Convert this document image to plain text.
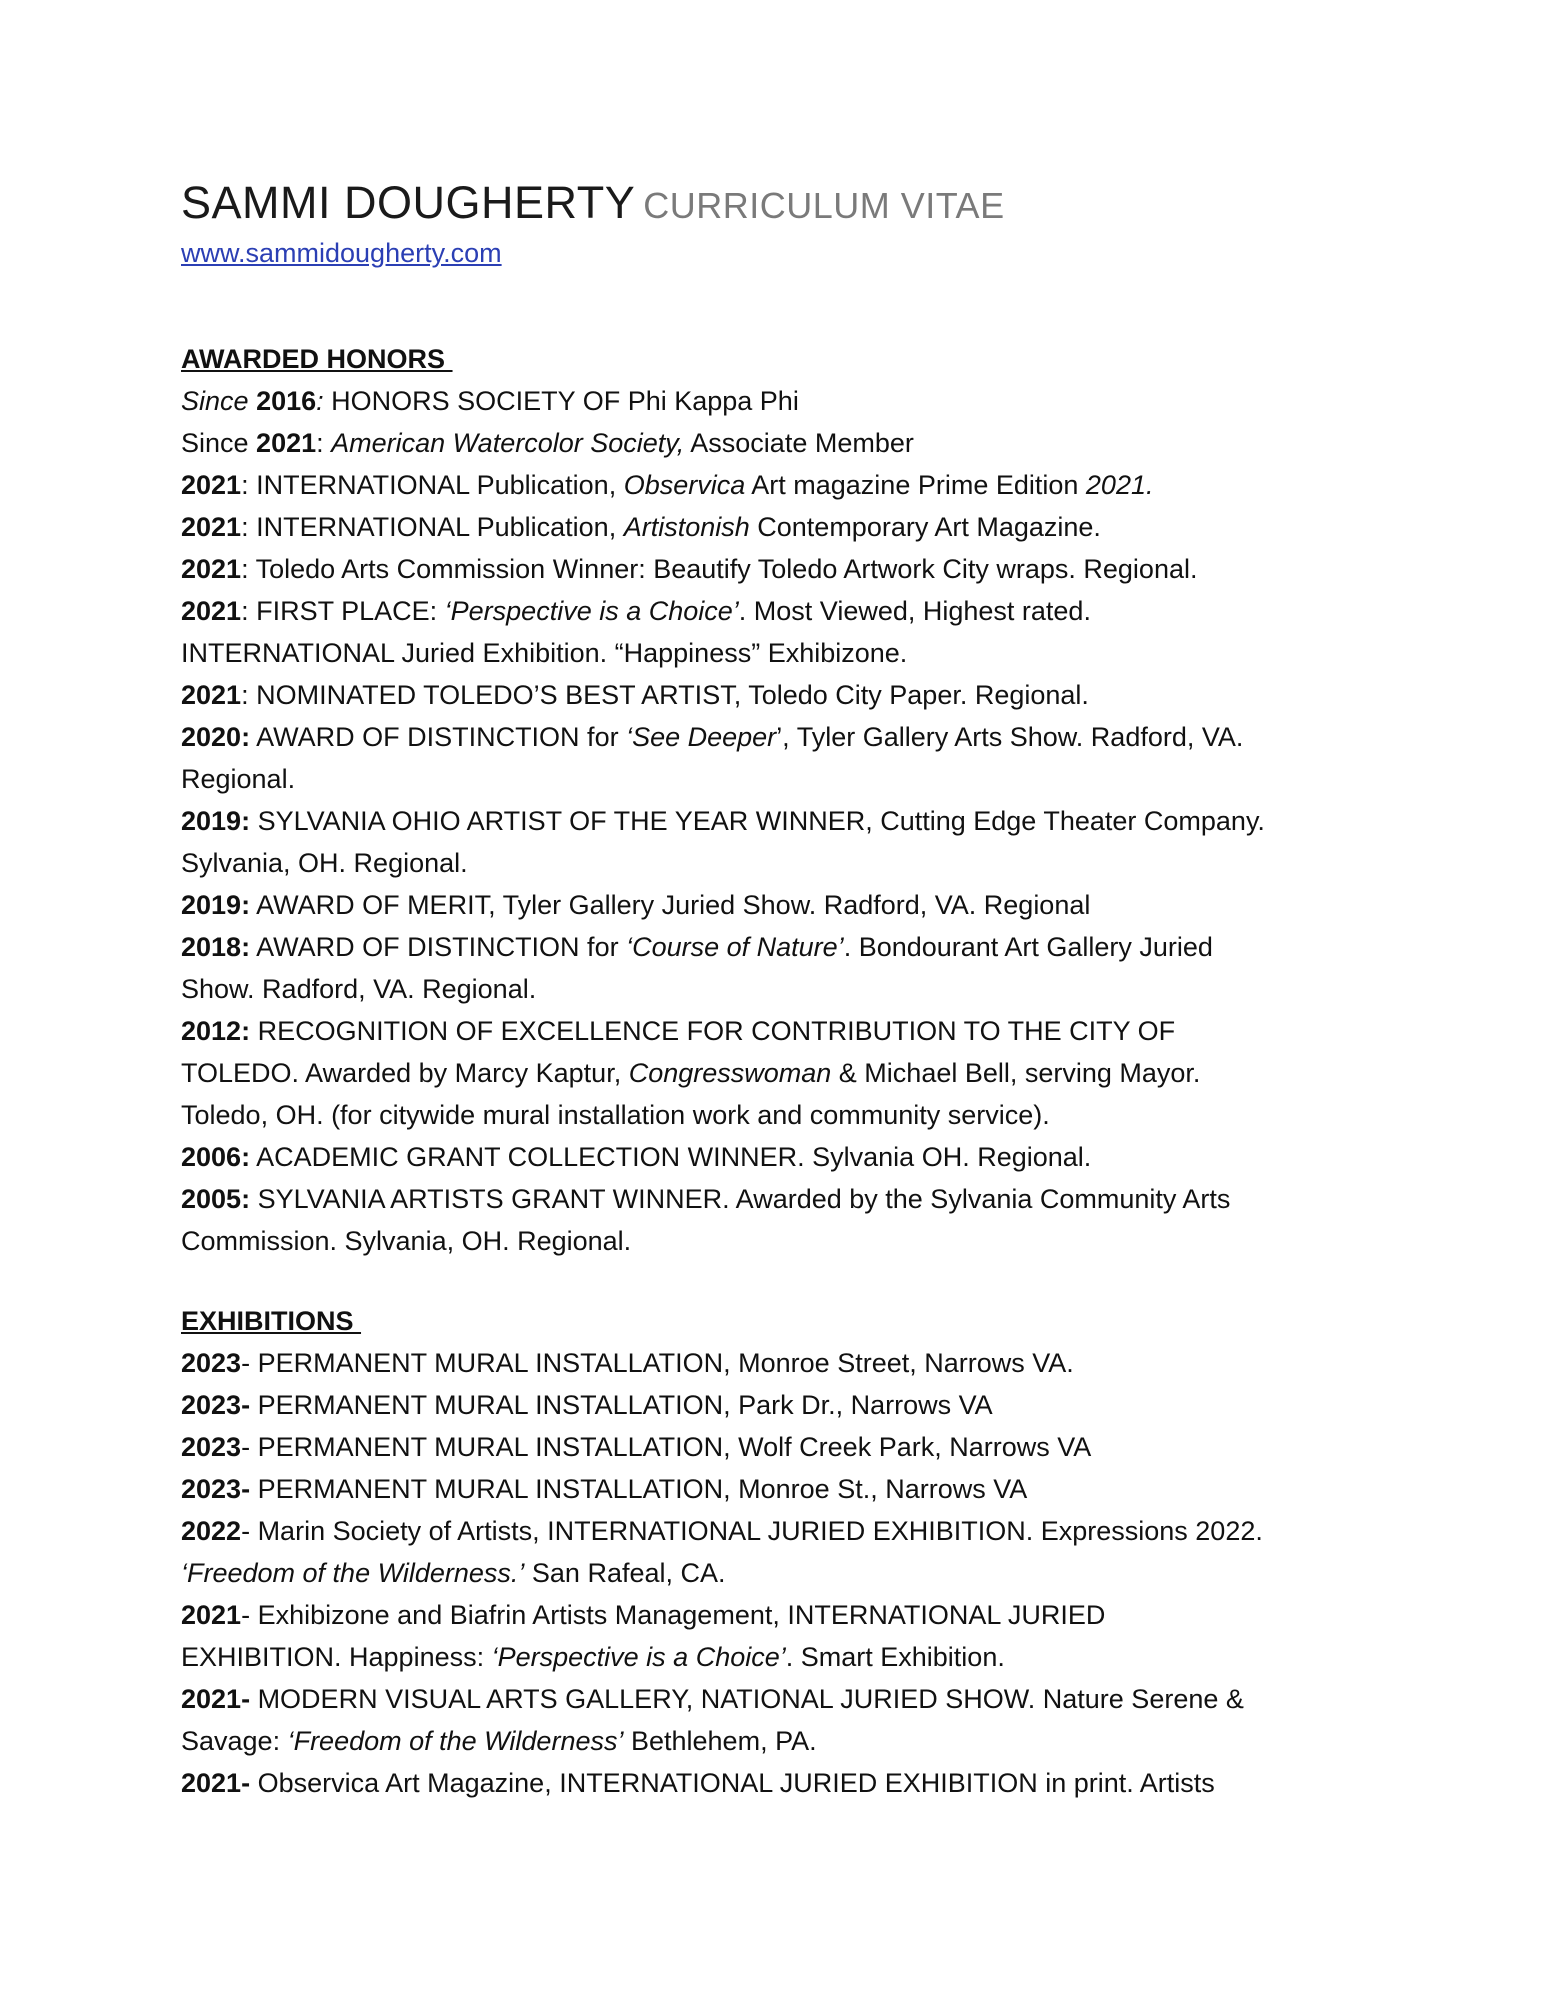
SAMMI DOUGHERTY CURRICULUM VITAE
www.sammidougherty.com
AWARDED HONORS
Since 2016: HONORS SOCIETY OF Phi Kappa Phi
Since 2021: American Watercolor Society, Associate Member
2021: INTERNATIONAL Publication, Observica Art magazine Prime Edition 2021.
2021: INTERNATIONAL Publication, Artistonish Contemporary Art Magazine.
2021: Toledo Arts Commission Winner: Beautify Toledo Artwork City wraps. Regional.
2021: FIRST PLACE: ‘Perspective is a Choice’. Most Viewed, Highest rated.
INTERNATIONAL Juried Exhibition. “Happiness” Exhibizone.
2021: NOMINATED TOLEDO’S BEST ARTIST, Toledo City Paper. Regional.
2020: AWARD OF DISTINCTION for ‘See Deeper’, Tyler Gallery Arts Show. Radford, VA.
Regional.
2019: SYLVANIA OHIO ARTIST OF THE YEAR WINNER, Cutting Edge Theater Company.
Sylvania, OH. Regional.
2019: AWARD OF MERIT, Tyler Gallery Juried Show. Radford, VA. Regional
2018: AWARD OF DISTINCTION for ‘Course of Nature’. Bondourant Art Gallery Juried
Show. Radford, VA. Regional.
2012: RECOGNITION OF EXCELLENCE FOR CONTRIBUTION TO THE CITY OF
TOLEDO. Awarded by Marcy Kaptur, Congresswoman & Michael Bell, serving Mayor.
Toledo, OH. (for citywide mural installation work and community service).
2006: ACADEMIC GRANT COLLECTION WINNER. Sylvania OH. Regional.
2005: SYLVANIA ARTISTS GRANT WINNER. Awarded by the Sylvania Community Arts
Commission. Sylvania, OH. Regional.
EXHIBITIONS
2023- PERMANENT MURAL INSTALLATION, Monroe Street, Narrows VA.
2023- PERMANENT MURAL INSTALLATION, Park Dr., Narrows VA
2023- PERMANENT MURAL INSTALLATION, Wolf Creek Park, Narrows VA
2023- PERMANENT MURAL INSTALLATION, Monroe St., Narrows VA
2022- Marin Society of Artists, INTERNATIONAL JURIED EXHIBITION. Expressions 2022.
‘Freedom of the Wilderness.’ San Rafeal, CA.
2021- Exhibizone and Biafrin Artists Management, INTERNATIONAL JURIED
EXHIBITION. Happiness: ‘Perspective is a Choice’. Smart Exhibition.
2021- MODERN VISUAL ARTS GALLERY, NATIONAL JURIED SHOW. Nature Serene &
Savage: ‘Freedom of the Wilderness’ Bethlehem, PA.
2021- Observica Art Magazine, INTERNATIONAL JURIED EXHIBITION in print. Artists
